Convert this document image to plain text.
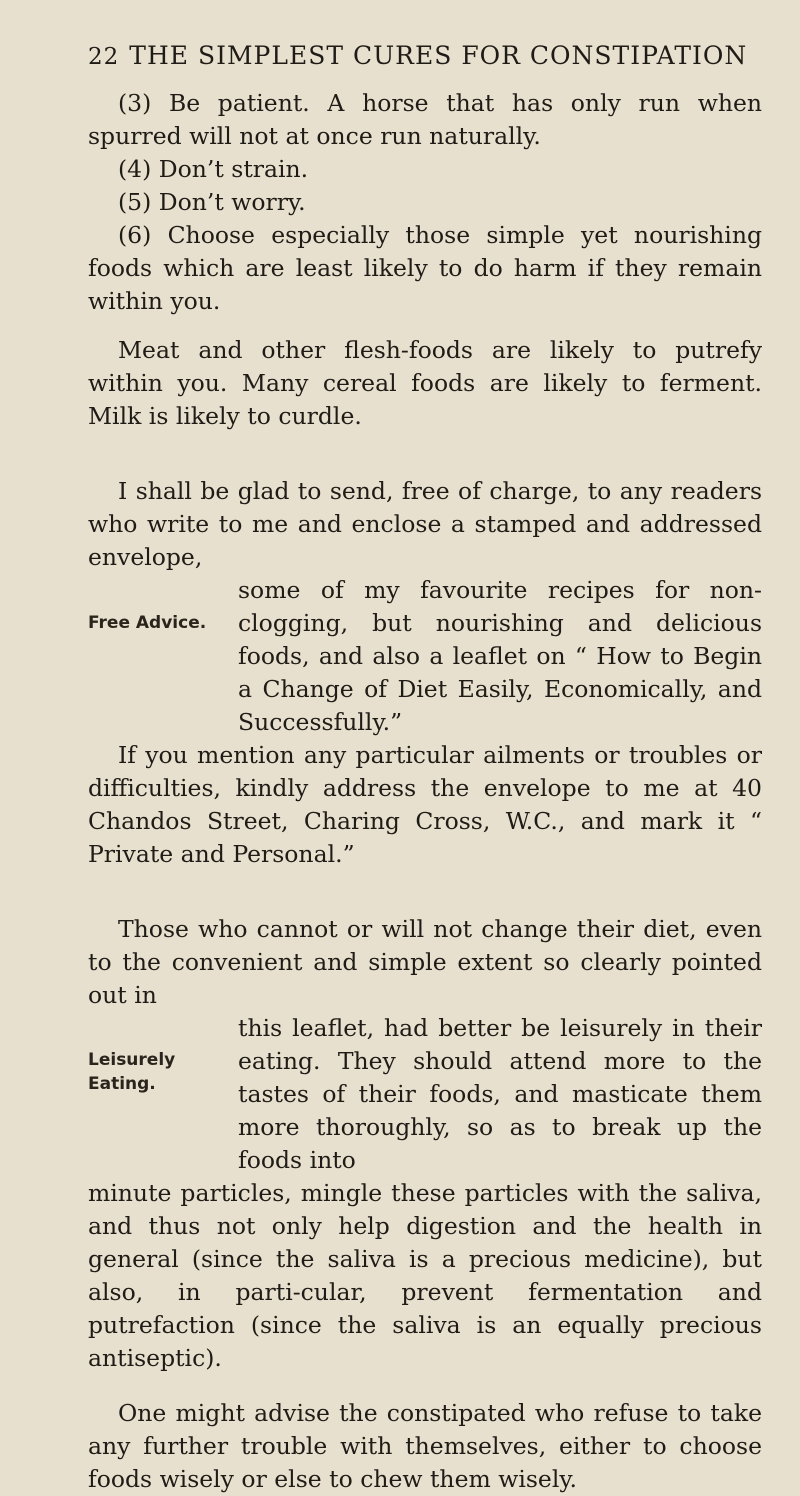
22 THE SIMPLEST CURES FOR CONSTIPATION

(3) Be patient. A horse that has only run when spurred will not at once run naturally.

(4) Don’t strain.

(5) Don’t worry.

(6) Choose especially those simple yet nourishing foods which are least likely to do harm if they remain within you.

Meat and other flesh-foods are likely to putrefy within you. Many cereal foods are likely to ferment. Milk is likely to curdle.

I shall be glad to send, free of charge, to any readers who write to me and enclose a stamped and addressed envelope,

Free Advice.

some of my favourite recipes for non-clogging, but nourishing and delicious foods, and also a leaflet on “ How to Begin a Change of Diet Easily, Economically, and Successfully.”

If you mention any particular ailments or troubles or difficulties, kindly address the envelope to me at 40 Chandos Street, Charing Cross, W.C., and mark it “ Private and Personal.”

Those who cannot or will not change their diet, even to the convenient and simple extent so clearly pointed out in

Leisurely Eating.

this leaflet, had better be leisurely in their eating. They should attend more to the tastes of their foods, and masticate them more thoroughly, so as to break up the foods into

minute particles, mingle these particles with the saliva, and thus not only help digestion and the health in general (since the saliva is a precious medicine), but also, in parti-cular, prevent fermentation and putrefaction (since the saliva is an equally precious antiseptic).

One might advise the constipated who refuse to take any further trouble with themselves, either to choose foods wisely or else to chew them wisely.
